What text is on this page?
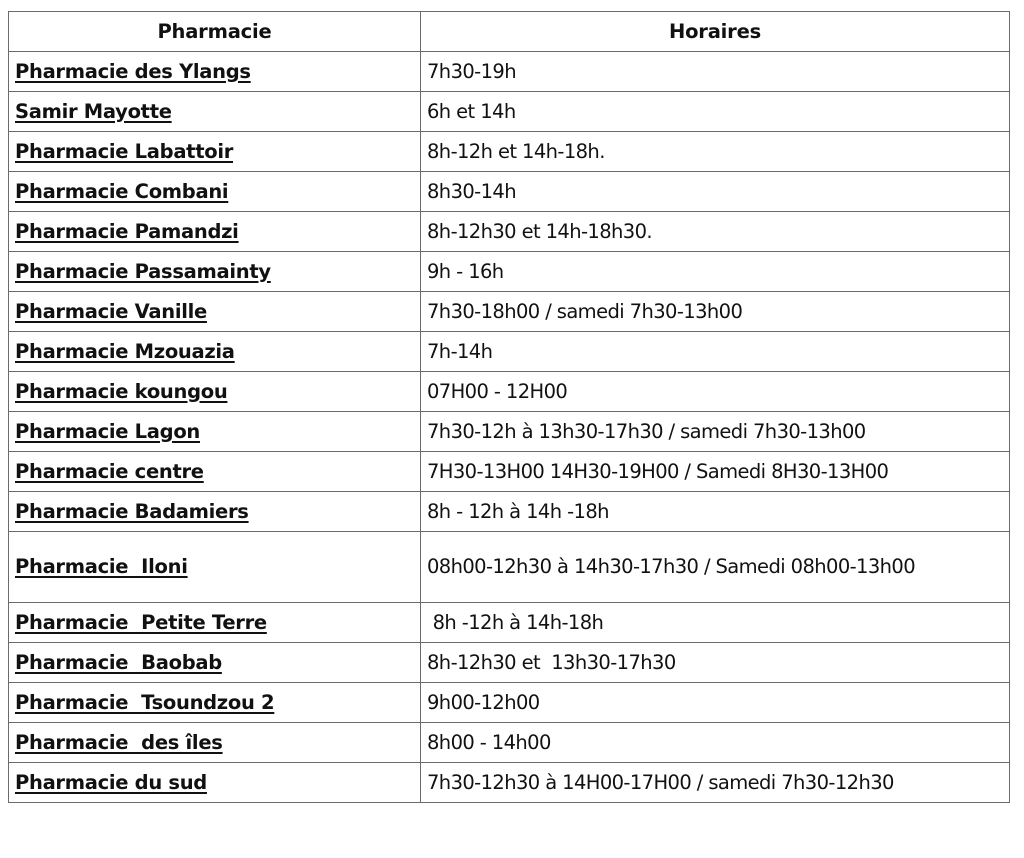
Pharmacie	Horaires
Pharmacie des Ylangs	7h30-19h
Samir Mayotte	6h et 14h
Pharmacie Labattoir	8h-12h et 14h-18h.
Pharmacie Combani	8h30-14h
Pharmacie Pamandzi	8h-12h30 et 14h-18h30.
Pharmacie Passamainty	9h - 16h
Pharmacie Vanille	7h30-18h00 / samedi 7h30-13h00
Pharmacie Mzouazia	7h-14h
Pharmacie koungou	07H00 - 12H00
Pharmacie Lagon	7h30-12h à 13h30-17h30 / samedi 7h30-13h00
Pharmacie centre	7H30-13H00 14H30-19H00 / Samedi 8H30-13H00
Pharmacie Badamiers	8h - 12h à 14h -18h
Pharmacie  Iloni	08h00-12h30 à 14h30-17h30 / Samedi 08h00-13h00
Pharmacie  Petite Terre	8h -12h à 14h-18h
Pharmacie  Baobab	8h-12h30 et  13h30-17h30
Pharmacie  Tsoundzou 2	9h00-12h00
Pharmacie  des îles	8h00 - 14h00
Pharmacie du sud	7h30-12h30 à 14H00-17H00 / samedi 7h30-12h30
